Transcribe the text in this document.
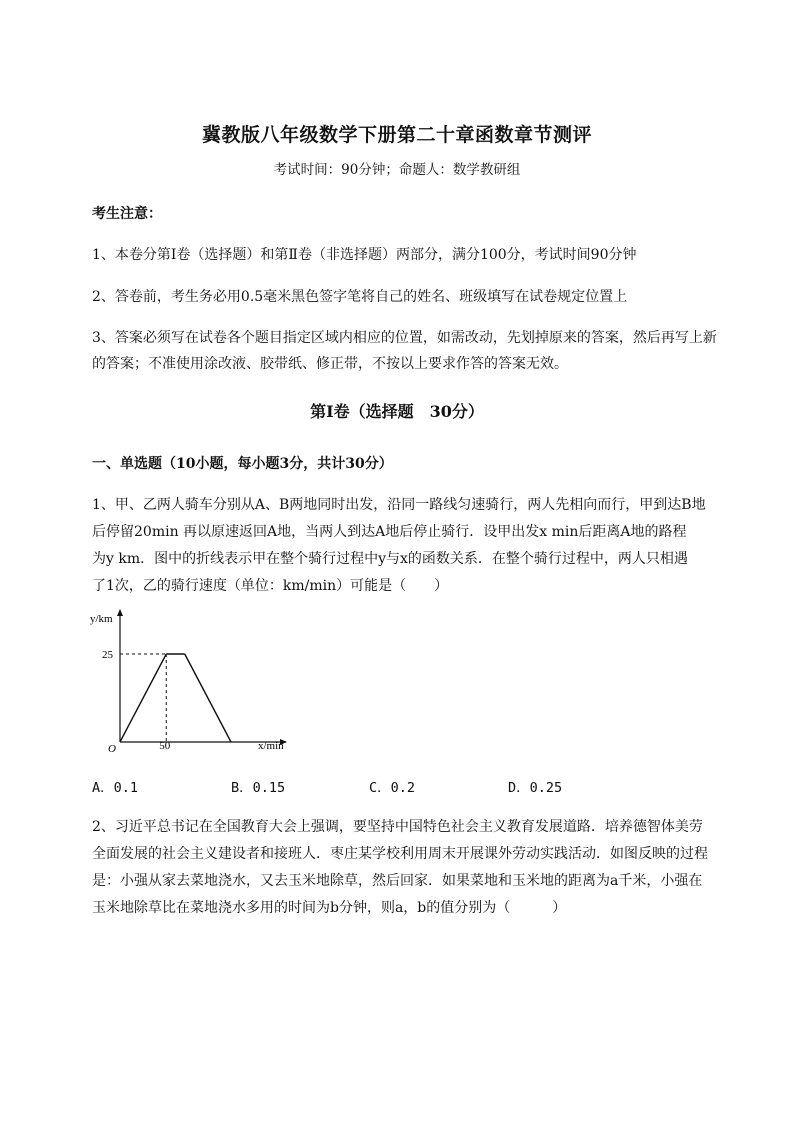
冀教版八年级数学下册第二十章函数章节测评
考试时间：90分钟；命题人：数学教研组
考生注意：
1、本卷分第I卷（选择题）和第Ⅱ卷（非选择题）两部分，满分100分，考试时间90分钟
2、答卷前，考生务必用0.5毫米黑色签字笔将自己的姓名、班级填写在试卷规定位置上
3、答案必须写在试卷各个题目指定区域内相应的位置，如需改动，先划掉原来的答案，然后再写上新
的答案；不准使用涂改液、胶带纸、修正带，不按以上要求作答的答案无效。
第I卷（选择题　30分）
一、单选题（10小题，每小题3分，共计30分）
1、甲、乙两人骑车分别从A、B两地同时出发，沿同一路线匀速骑行，两人先相向而行，甲到达B地
后停留20min 再以原速返回A地，当两人到达A地后停止骑行．设甲出发x min后距离A地的路程
为y km．图中的折线表示甲在整个骑行过程中y与x的函数关系．在整个骑行过程中，两人只相遇
了1次，乙的骑行速度（单位：km/min）可能是（　　）
y/km
x/min
O
25
50
A．0.1	B．0.15	C．0.2	D．0.25
2、习近平总书记在全国教育大会上强调，要坚持中国特色社会主义教育发展道路．培养德智体美劳
全面发展的社会主义建设者和接班人．枣庄某学校利用周末开展课外劳动实践活动．如图反映的过程
是：小强从家去菜地浇水，又去玉米地除草，然后回家．如果菜地和玉米地的距离为a千米，小强在
玉米地除草比在菜地浇水多用的时间为b分钟，则a，b的值分别为（　　　）
